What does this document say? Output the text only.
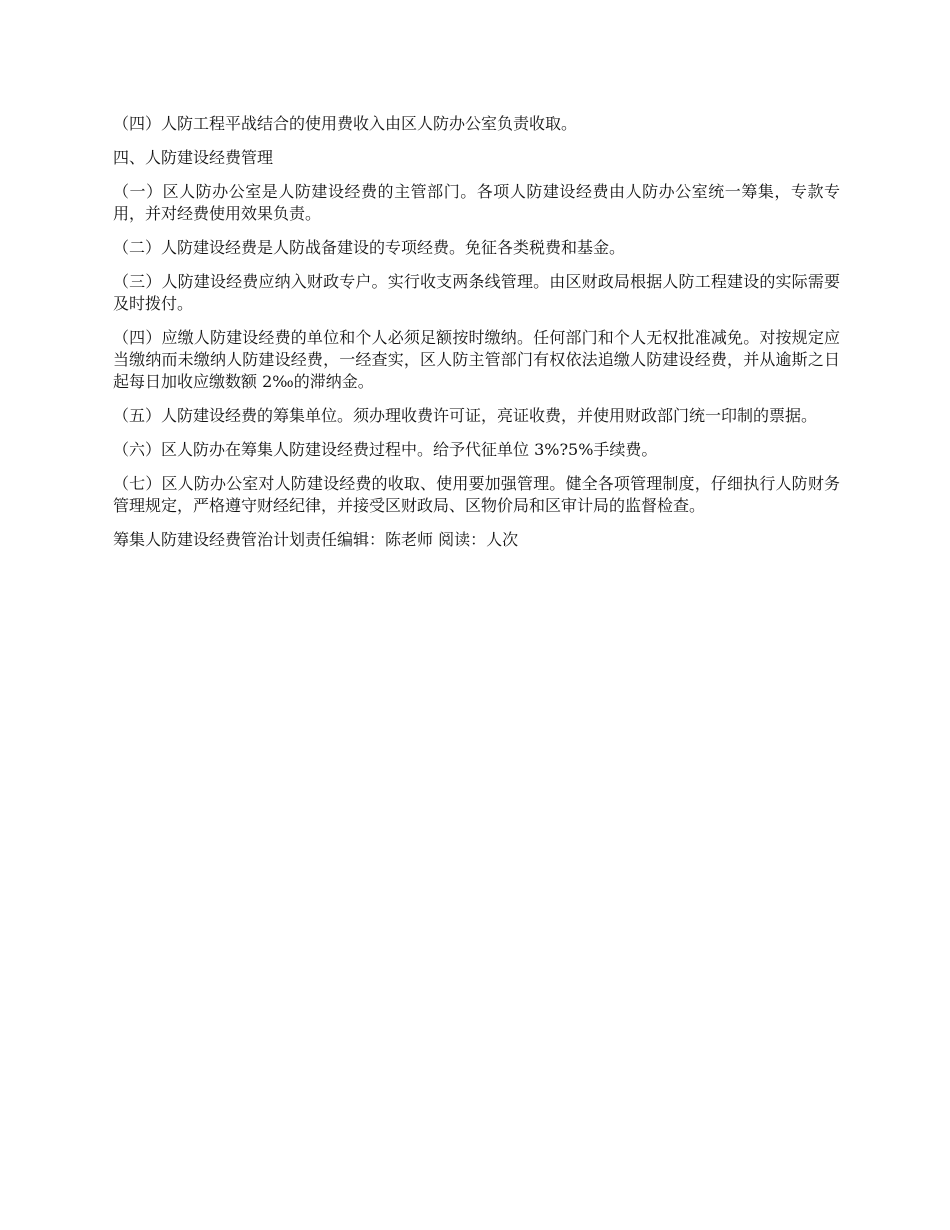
（四）人防工程平战结合的使用费收入由区人防办公室负责收取。

四、人防建设经费管理

（一）区人防办公室是人防建设经费的主管部门。各项人防建设经费由人防办公室统一筹集，专款专用，并对经费使用效果负责。

（二）人防建设经费是人防战备建设的专项经费。免征各类税费和基金。

（三）人防建设经费应纳入财政专户。实行收支两条线管理。由区财政局根据人防工程建设的实际需要及时拨付。

（四）应缴人防建设经费的单位和个人必须足额按时缴纳。任何部门和个人无权批准减免。对按规定应当缴纳而未缴纳人防建设经费，一经查实，区人防主管部门有权依法追缴人防建设经费，并从逾斯之日起每日加收应缴数额 2‰的滞纳金。

（五）人防建设经费的筹集单位。须办理收费许可证，亮证收费，并使用财政部门统一印制的票据。

（六）区人防办在筹集人防建设经费过程中。给予代征单位 3%?5%手续费。

（七）区人防办公室对人防建设经费的收取、使用要加强管理。健全各项管理制度，仔细执行人防财务管理规定，严格遵守财经纪律，并接受区财政局、区物价局和区审计局的监督检查。

筹集人防建设经费管治计划责任编辑：陈老师 阅读：人次
